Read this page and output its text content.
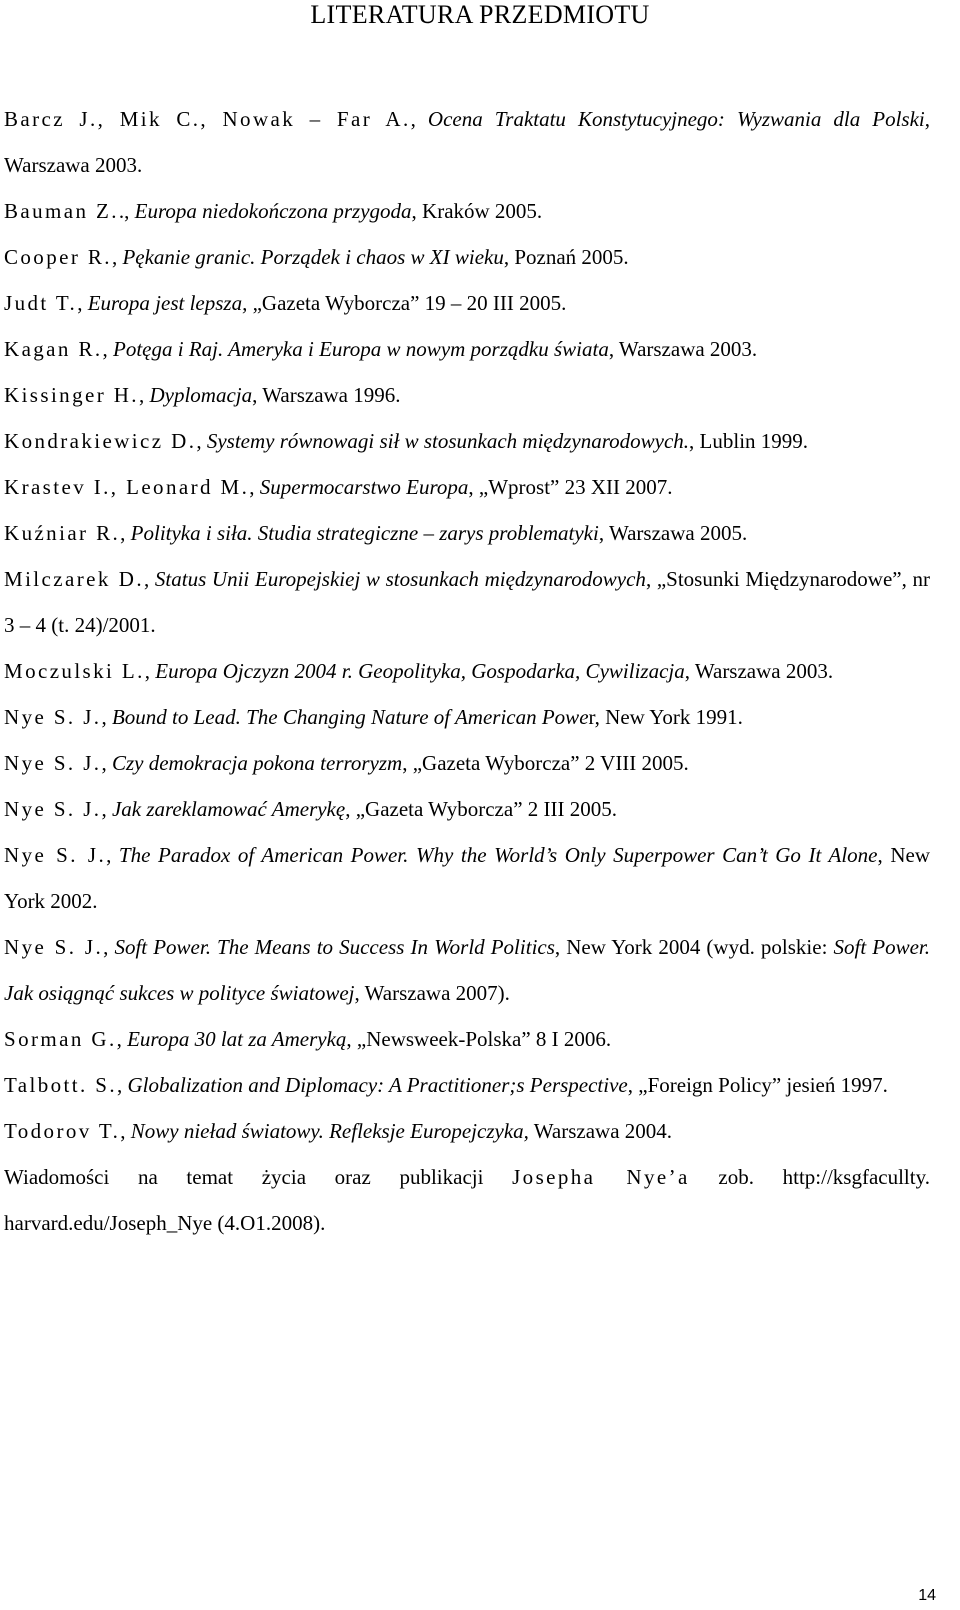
LITERATURA PRZEDMIOTU

Barcz J., Mik C., Nowak – Far A., Ocena Traktatu Konstytucyjnego: Wyzwania dla Polski, Warszawa 2003.

Bauman Z.., Europa niedokończona przygoda, Kraków 2005.

Cooper R., Pękanie granic. Porządek i chaos w XI wieku, Poznań 2005.

Judt T., Europa jest lepsza, „Gazeta Wyborcza” 19 – 20 III 2005.

Kagan R., Potęga i Raj. Ameryka i Europa w nowym porządku świata, Warszawa 2003.

Kissinger H., Dyplomacja, Warszawa 1996.

Kondrakiewicz D., Systemy równowagi sił w stosunkach międzynarodowych., Lublin 1999.

Krastev I., Leonard M., Supermocarstwo Europa, „Wprost” 23 XII 2007.

Kuźniar R., Polityka i siła. Studia strategiczne – zarys problematyki, Warszawa 2005.

Milczarek D., Status Unii Europejskiej w stosunkach międzynarodowych, „Stosunki Międzynarodowe”, nr 3 – 4 (t. 24)/2001.

Moczulski L., Europa Ojczyzn 2004 r. Geopolityka, Gospodarka, Cywilizacja, Warszawa 2003.

Nye S. J., Bound to Lead. The Changing Nature of American Power, New York 1991.

Nye S. J., Czy demokracja pokona terroryzm, „Gazeta Wyborcza” 2 VIII 2005.

Nye S. J., Jak zareklamować Amerykę, „Gazeta Wyborcza” 2 III 2005.

Nye S. J., The Paradox of American Power. Why the World’s Only Superpower Can’t Go It Alone, New York 2002.

Nye S. J., Soft Power. The Means to Success In World Politics, New York 2004 (wyd. polskie: Soft Power. Jak osiągnąć sukces w polityce światowej, Warszawa 2007).

Sorman G., Europa 30 lat za Ameryką, „Newsweek-Polska” 8 I 2006.

Talbott. S., Globalization and Diplomacy: A Practitioner;s Perspective, „Foreign Policy” jesień 1997.

Todorov T., Nowy nieład światowy. Refleksje Europejczyka, Warszawa 2004.

Wiadomości na temat życia oraz publikacji Josepha Nye’a zob. http://ksgfacullty. harvard.edu/Joseph_Nye (4.O1.2008).

14
